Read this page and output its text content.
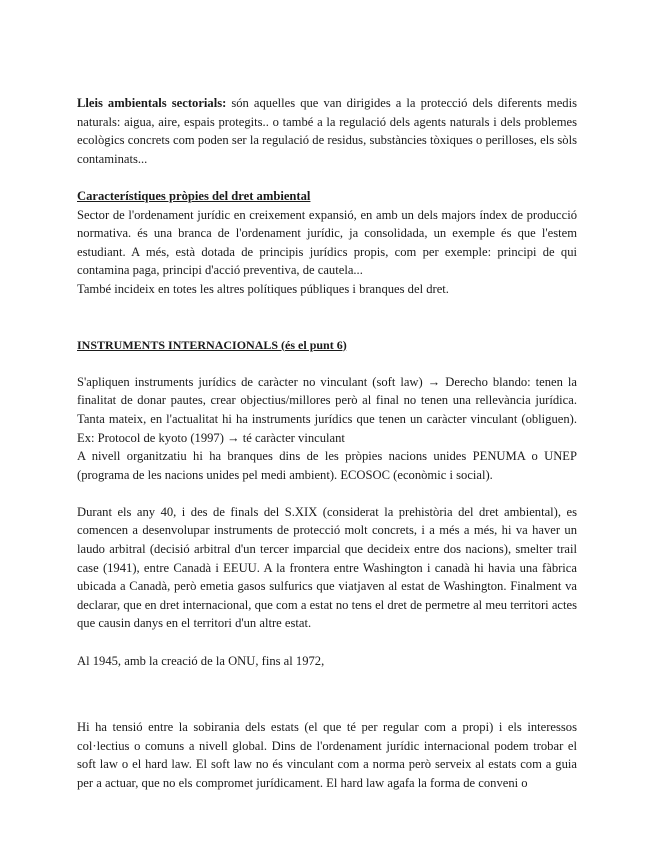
Lleis ambientals sectorials: són aquelles que van dirigides a la protecció dels diferents medis naturals: aigua, aire, espais protegits.. o també a la regulació dels agents naturals i dels problemes ecològics concrets com poden ser la regulació de residus, substàncies tòxiques o perilloses, els sòls contaminats...

Característiques pròpies del dret ambiental

Sector de l'ordenament jurídic en creixement expansió, en amb un dels majors índex de producció normativa. és una branca de l'ordenament jurídic, ja consolidada, un exemple és que l'estem estudiant. A més, està dotada de principis jurídics propis, com per exemple: principi de qui contamina paga, principi d'acció preventiva, de cautela...

També incideix en totes les altres polítiques públiques i branques del dret.

INSTRUMENTS INTERNACIONALS (és el punt 6)

S'apliquen instruments jurídics de caràcter no vinculant (soft law) → Derecho blando: tenen la finalitat de donar pautes, crear objectius/millores però al final no tenen una rellevància jurídica. Tanta mateix, en l'actualitat hi ha instruments jurídics que tenen un caràcter vinculant (obliguen). Ex: Protocol de kyoto (1997) → té caràcter vinculant

A nivell organitzatiu hi ha branques dins de les pròpies nacions unides PENUMA o UNEP (programa de les nacions unides pel medi ambient). ECOSOC (econòmic i social).

Durant els any 40, i des de finals del S.XIX (considerat la prehistòria del dret ambiental), es comencen a desenvolupar instruments de protecció molt concrets, i a més a més, hi va haver un laudo arbitral (decisió arbitral d'un tercer imparcial que decideix entre dos nacions), smelter trail case (1941), entre Canadà i EEUU. A la frontera entre Washington i canadà hi havia una fàbrica ubicada a Canadà, però emetia gasos sulfurics que viatjaven al estat de Washington. Finalment va declarar, que en dret internacional, que com a estat no tens el dret de permetre al meu territori actes que causin danys en el territori d'un altre estat.

Al 1945, amb la creació de la ONU, fins al 1972,

Hi ha tensió entre la sobirania dels estats (el que té per regular com a propi) i els interessos col·lectius o comuns a nivell global. Dins de l'ordenament jurídic internacional podem trobar el soft law o el hard law. El soft law no és vinculant com a norma però serveix al estats com a guia per a actuar, que no els compromet jurídicament. El hard law agafa la forma de conveni o
